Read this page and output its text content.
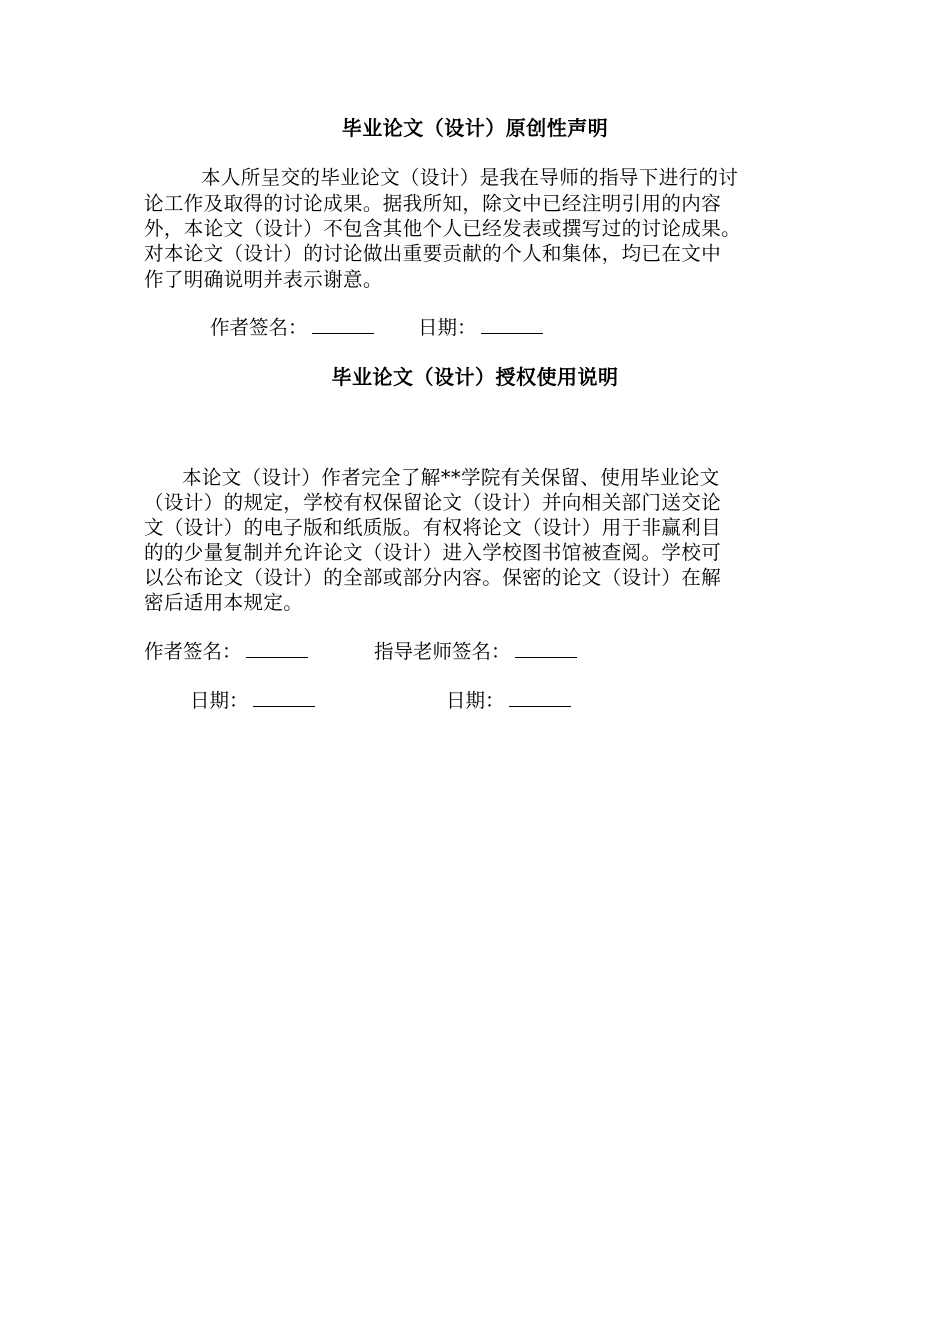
毕业论文（设计）原创性声明
本人所呈交的毕业论文（设计）是我在导师的指导下进行的讨
论工作及取得的讨论成果。据我所知，除文中已经注明引用的内容
外，本论文（设计）不包含其他个人已经发表或撰写过的讨论成果。
对本论文（设计）的讨论做出重要贡献的个人和集体，均已在文中
作了明确说明并表示谢意。
作者签名：	日期：
毕业论文（设计）授权使用说明
本论文（设计）作者完全了解**学院有关保留、使用毕业论文
（设计）的规定，学校有权保留论文（设计）并向相关部门送交论
文（设计）的电子版和纸质版。有权将论文（设计）用于非赢利目
的的少量复制并允许论文（设计）进入学校图书馆被查阅。学校可
以公布论文（设计）的全部或部分内容。保密的论文（设计）在解
密后适用本规定。
作者签名：	指导老师签名：
日期：	日期：
